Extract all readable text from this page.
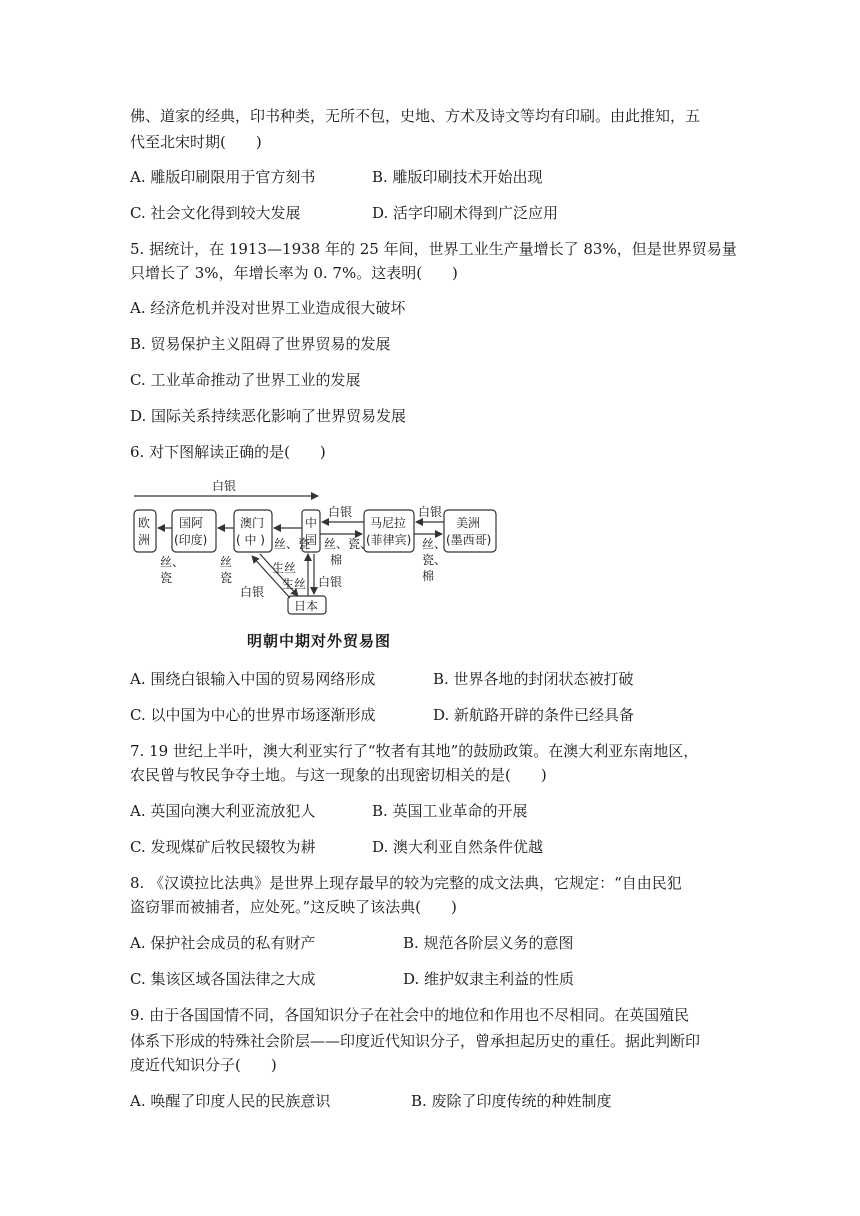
佛、道家的经典，印书种类，无所不包，史地、方术及诗文等均有印刷。由此推知，五
代至北宋时期(　　)
A. 雕版印刷限用于官方刻书	B. 雕版印刷技术开始出现
C. 社会文化得到较大发展	D. 活字印刷术得到广泛应用
5. 据统计，在 1913—1938 年的 25 年间，世界工业生产量增长了 83%，但是世界贸易量
只增长了 3%，年增长率为 0. 7%。这表明(　　)
A. 经济危机并没对世界工业造成很大破坏
B. 贸易保护主义阻碍了世界贸易的发展
C. 工业革命推动了世界工业的发展
D. 国际关系持续恶化影响了世界贸易发展
6. 对下图解读正确的是(　　)
白银
欧
洲
国阿
(印度)
澳门
( 中 )
中
国
马尼拉
(菲律宾)
美洲
(墨西哥)
日本
丝、
瓷
丝
瓷
丝、瓷
白银
丝、瓷、
棉
白银
丝、
瓷、
棉
生丝
生丝
白银
白银
明朝中期对外贸易图
A. 围绕白银输入中国的贸易网络形成	B. 世界各地的封闭状态被打破
C. 以中国为中心的世界市场逐渐形成	D. 新航路开辟的条件已经具备
7. 19 世纪上半叶，澳大利亚实行了“牧者有其地”的鼓励政策。在澳大利亚东南地区，
农民曾与牧民争夺土地。与这一现象的出现密切相关的是(　　)
A. 英国向澳大利亚流放犯人	B. 英国工业革命的开展
C. 发现煤矿后牧民辍牧为耕	D. 澳大利亚自然条件优越
8. 《汉谟拉比法典》是世界上现存最早的较为完整的成文法典，它规定：“自由民犯
盗窃罪而被捕者，应处死。”这反映了该法典(　　)
A. 保护社会成员的私有财产	B. 规范各阶层义务的意图
C. 集该区域各国法律之大成	D. 维护奴隶主利益的性质
9. 由于各国国情不同，各国知识分子在社会中的地位和作用也不尽相同。在英国殖民
体系下形成的特殊社会阶层——印度近代知识分子，曾承担起历史的重任。据此判断印
度近代知识分子(　　)
A. 唤醒了印度人民的民族意识	B. 废除了印度传统的种姓制度
